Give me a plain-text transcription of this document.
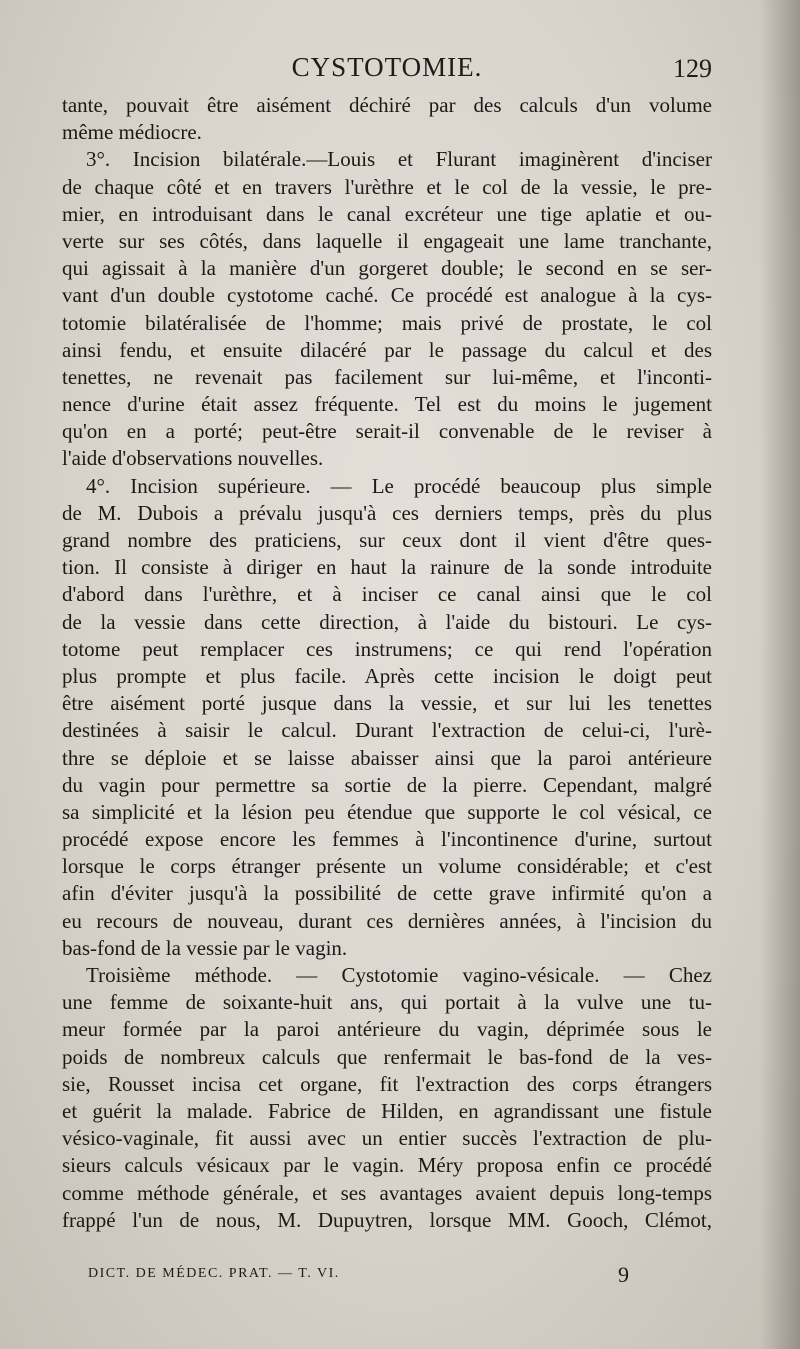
CYSTOTOMIE.	129
tante, pouvait être aisément déchiré par des calculs d'un volume
même médiocre.
3°. Incision bilatérale.—Louis et Flurant imaginèrent d'inciser
de chaque côté et en travers l'urèthre et le col de la vessie, le pre-
mier, en introduisant dans le canal excréteur une tige aplatie et ou-
verte sur ses côtés, dans laquelle il engageait une lame tranchante,
qui agissait à la manière d'un gorgeret double; le second en se ser-
vant d'un double cystotome caché. Ce procédé est analogue à la cys-
totomie bilatéralisée de l'homme; mais privé de prostate, le col
ainsi fendu, et ensuite dilacéré par le passage du calcul et des
tenettes, ne revenait pas facilement sur lui-même, et l'inconti-
nence d'urine était assez fréquente. Tel est du moins le jugement
qu'on en a porté; peut-être serait-il convenable de le reviser à
l'aide d'observations nouvelles.
4°. Incision supérieure. — Le procédé beaucoup plus simple
de M. Dubois a prévalu jusqu'à ces derniers temps, près du plus
grand nombre des praticiens, sur ceux dont il vient d'être ques-
tion. Il consiste à diriger en haut la rainure de la sonde introduite
d'abord dans l'urèthre, et à inciser ce canal ainsi que le col
de la vessie dans cette direction, à l'aide du bistouri. Le cys-
totome peut remplacer ces instrumens; ce qui rend l'opération
plus prompte et plus facile. Après cette incision le doigt peut
être aisément porté jusque dans la vessie, et sur lui les tenettes
destinées à saisir le calcul. Durant l'extraction de celui-ci, l'urè-
thre se déploie et se laisse abaisser ainsi que la paroi antérieure
du vagin pour permettre sa sortie de la pierre. Cependant, malgré
sa simplicité et la lésion peu étendue que supporte le col vésical, ce
procédé expose encore les femmes à l'incontinence d'urine, surtout
lorsque le corps étranger présente un volume considérable; et c'est
afin d'éviter jusqu'à la possibilité de cette grave infirmité qu'on a
eu recours de nouveau, durant ces dernières années, à l'incision du
bas-fond de la vessie par le vagin.
Troisième méthode. — Cystotomie vagino-vésicale. — Chez
une femme de soixante-huit ans, qui portait à la vulve une tu-
meur formée par la paroi antérieure du vagin, déprimée sous le
poids de nombreux calculs que renfermait le bas-fond de la ves-
sie, Rousset incisa cet organe, fit l'extraction des corps étrangers
et guérit la malade. Fabrice de Hilden, en agrandissant une fistule
vésico-vaginale, fit aussi avec un entier succès l'extraction de plu-
sieurs calculs vésicaux par le vagin. Méry proposa enfin ce procédé
comme méthode générale, et ses avantages avaient depuis long-temps
frappé l'un de nous, M. Dupuytren, lorsque MM. Gooch, Clémot,
DICT. DE MÉDEC. PRAT. — T. VI.	9
